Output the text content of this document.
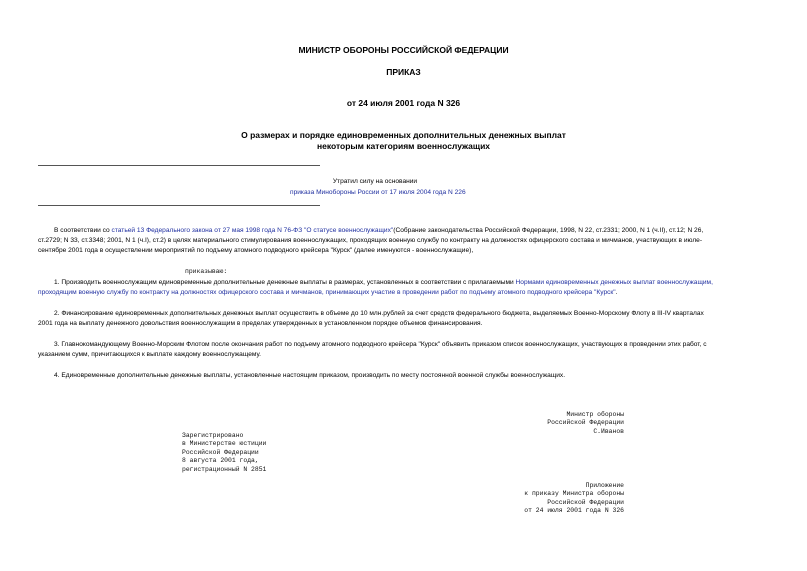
МИНИСТР ОБОРОНЫ РОССИЙСКОЙ ФЕДЕРАЦИИ
ПРИКАЗ
от 24 июля 2001 года N 326
О размерах и порядке единовременных дополнительных денежных выплат
некоторым категориям военнослужащих
Утратил силу на основании
приказа Минобороны России от 17 июля 2004 года N 226
В соответствии со статьей 13 Федерального закона от 27 мая 1998 года N 76-ФЗ "О статусе военнослужащих"(Собрание законодательства Российской Федерации, 1998, N 22, ст.2331; 2000, N 1 (ч.II), ст.12; N 26,
ст.2729; N 33, ст.3348; 2001, N 1 (ч.I), ст.2) в целях материального стимулирования военнослужащих, проходящих военную службу по контракту на должностях офицерского состава и мичманов, участвующих в июле-
сентябре 2001 года в осуществлении мероприятий по подъему атомного подводного крейсера "Курск" (далее именуются - военнослужащие),
приказываю:
1. Производить военнослужащим единовременные дополнительные денежные выплаты в размерах, установленных в соответствии с прилагаемыми Нормами единовременных денежных выплат военнослужащим,
проходящим военную службу по контракту на должностях офицерского состава и мичманов, принимающих участие в проведении работ по подъему атомного подводного крейсера "Курск".
2. Финансирование единовременных дополнительных денежных выплат осуществить в объеме до 10 млн.рублей за счет средств федерального бюджета, выделяемых Военно-Морскому Флоту в III-IV кварталах
2001 года на выплату денежного довольствия военнослужащим в пределах утвержденных в установленном порядке объемов финансирования.
3. Главнокомандующему Военно-Морским Флотом после окончания работ по подъему атомного подводного крейсера "Курск" объявить приказом список военнослужащих, участвующих в проведении этих работ, с
указанием сумм, причитающихся к выплате каждому военнослужащему.
4. Единовременные дополнительные денежные выплаты, установленные настоящим приказом, производить по месту постоянной военной службы военнослужащих.
Министр обороны
Российской Федерации
С.Иванов
Зарегистрировано
в Министерстве юстиции
Российской Федерации
8 августа 2001 года,
регистрационный N 2851
Приложение
к приказу Министра обороны
Российской Федерации
от 24 июля 2001 года N 326
